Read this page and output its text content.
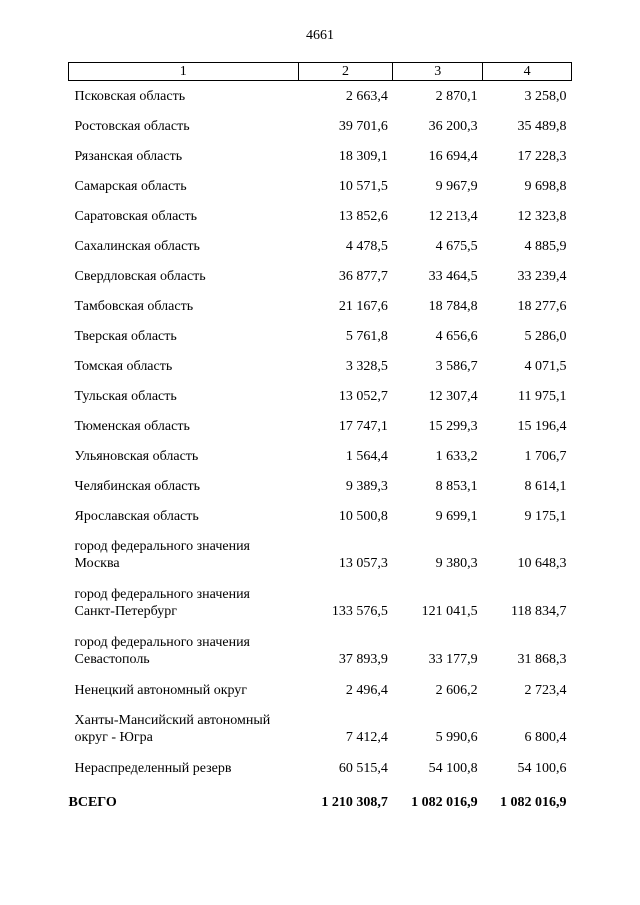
4661
1	2	3	4
Псковская область	2 663,4	2 870,1	3 258,0
Ростовская область	39 701,6	36 200,3	35 489,8
Рязанская область	18 309,1	16 694,4	17 228,3
Самарская область	10 571,5	9 967,9	9 698,8
Саратовская область	13 852,6	12 213,4	12 323,8
Сахалинская область	4 478,5	4 675,5	4 885,9
Свердловская область	36 877,7	33 464,5	33 239,4
Тамбовская область	21 167,6	18 784,8	18 277,6
Тверская область	5 761,8	4 656,6	5 286,0
Томская область	3 328,5	3 586,7	4 071,5
Тульская область	13 052,7	12 307,4	11 975,1
Тюменская область	17 747,1	15 299,3	15 196,4
Ульяновская область	1 564,4	1 633,2	1 706,7
Челябинская область	9 389,3	8 853,1	8 614,1
Ярославская область	10 500,8	9 699,1	9 175,1

город федерального значения
Москва	13 057,3	9 380,3	10 648,3

город федерального значения
Санкт-Петербург	133 576,5	121 041,5	118 834,7

город федерального значения
Севастополь	37 893,9	33 177,9	31 868,3
Ненецкий автономный округ	2 496,4	2 606,2	2 723,4

Ханты-Мансийский автономный
округ - Югра	7 412,4	5 990,6	6 800,4
Нераспределенный резерв	60 515,4	54 100,8	54 100,6
ВСЕГО	1 210 308,7	1 082 016,9	1 082 016,9
